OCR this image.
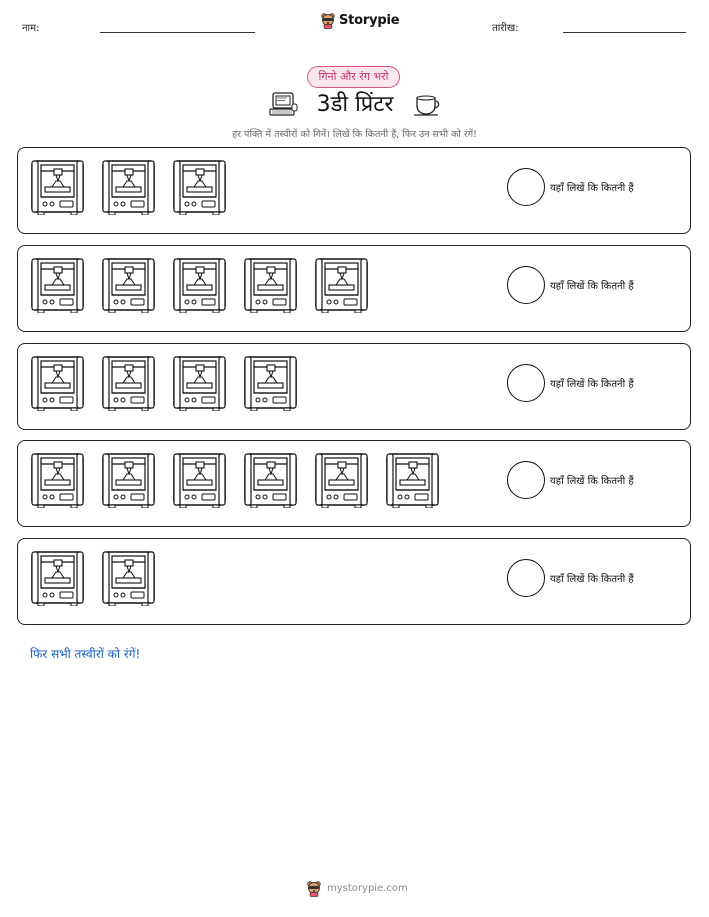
नाम:
Storypie
तारीख:
गिनो और रंग भरो
3डी प्रिंटर
हर पंक्ति में तस्वीरों को गिनें। लिखें कि कितनी हैं, फिर उन सभी को रंगें!
यहाँ लिखें कि कितनी हैं
यहाँ लिखें कि कितनी हैं
यहाँ लिखें कि कितनी हैं
यहाँ लिखें कि कितनी हैं
यहाँ लिखें कि कितनी हैं
फिर सभी तस्वीरों को रंगें!
mystorypie.com
